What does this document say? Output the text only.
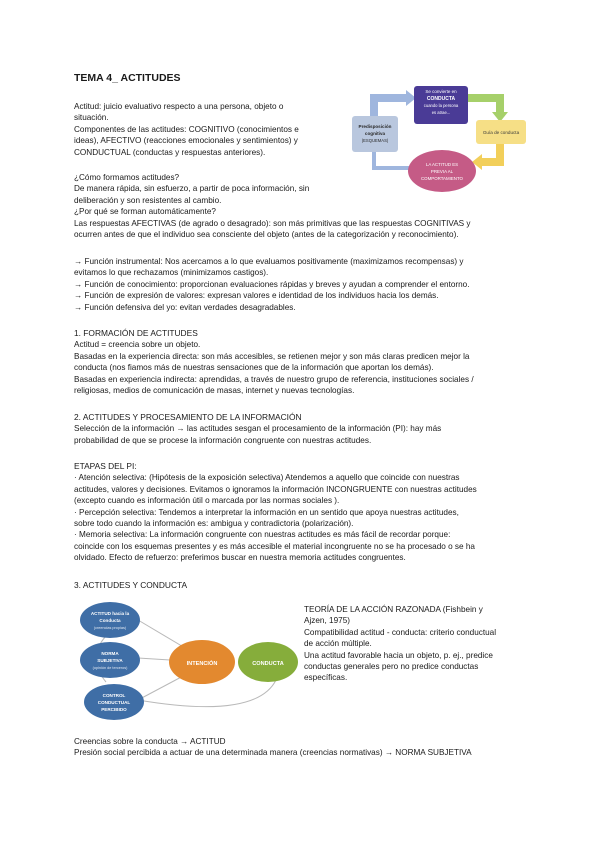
TEMA 4_ ACTITUDES

Actitud: juicio evaluativo respecto a una persona, objeto o

situación.

Componentes de las actitudes: COGNITIVO (conocimientos e

ideas), AFECTIVO (reacciones emocionales y sentimientos) y

CONDUCTUAL (conductas y respuestas anteriores).

¿Cómo formamos actitudes?

De manera rápida, sin esfuerzo, a partir de poca información, sin

deliberación y son resistentes al cambio.

¿Por qué se forman automáticamente?

Se convierte en
CONDUCTA
cuando la persona
es atrae...
Predisposición
cognitiva
(ESQUEMAS)
Guía de conducta
LA ACTITUD ES
PREVIA AL
COMPORTAMIENTO

Las respuestas AFECTIVAS (de agrado o desagrado): son más primitivas que las respuestas COGNITIVAS y

ocurren antes de que el individuo sea consciente del objeto (antes de la categorización y reconocimiento).

→ Función instrumental: Nos acercamos a lo que evaluamos positivamente (maximizamos recompensas) y

evitamos lo que rechazamos (minimizamos castigos).

→ Función de conocimiento: proporcionan evaluaciones rápidas y breves y ayudan a comprender el entorno.

→ Función de expresión de valores: expresan valores e identidad de los individuos hacia los demás.

→ Función defensiva del yo: evitan verdades desagradables.

1. FORMACIÓN DE ACTITUDES

Actitud = creencia sobre un objeto.

Basadas en la experiencia directa: son más accesibles, se retienen mejor y son más claras predicen mejor la

conducta (nos fiamos más de nuestras sensaciones que de la información que aportan los demás).

Basadas en experiencia indirecta: aprendidas, a través de nuestro grupo de referencia, instituciones sociales /

religiosas, medios de comunicación de masas, internet y nuevas tecnologías.

2. ACTITUDES Y PROCESAMIENTO DE LA INFORMACIÓN

Selección de la información → las actitudes sesgan el procesamiento de la información (PI): hay más

probabilidad de que se procese la información congruente con nuestras actitudes.

ETAPAS DEL PI:

· Atención selectiva: (Hipótesis de la exposición selectiva) Atendemos a aquello que coincide con nuestras

actitudes, valores y decisiones. Evitamos o ignoramos la información INCONGRUENTE con nuestras actitudes

(excepto cuando es información útil o marcada por las normas sociales ).

· Percepción selectiva: Tendemos a interpretar la información en un sentido que apoya nuestras actitudes,

sobre todo cuando la información es: ambigua y contradictoria (polarización).

· Memoria selectiva: La información congruente con nuestras actitudes es más fácil de recordar porque:

coincide con los esquemas presentes y es más accesible el material incongruente no se ha procesado o se ha

olvidado. Efecto de refuerzo: preferimos buscar en nuestra memoria actitudes congruentes.

3. ACTITUDES Y CONDUCTA

ACTITUD hacia la
Conducta
(creencias propias)
NORMA
SUBJETIVA
(opinión de terceros)
CONTROL
CONDUCTUAL
PERCIBIDO
INTENCIÓN	CONDUCTA

TEORÍA DE LA ACCIÓN RAZONADA (Fishbein y

Ajzen, 1975)

Compatibilidad actitud - conducta: criterio conductual

de acción múltiple.

Una actitud favorable hacia un objeto, p. ej., predice

conductas generales pero no predice conductas

específicas.

Creencias sobre la conducta → ACTITUD

Presión social percibida a actuar de una determinada manera (creencias normativas) → NORMA SUBJETIVA
